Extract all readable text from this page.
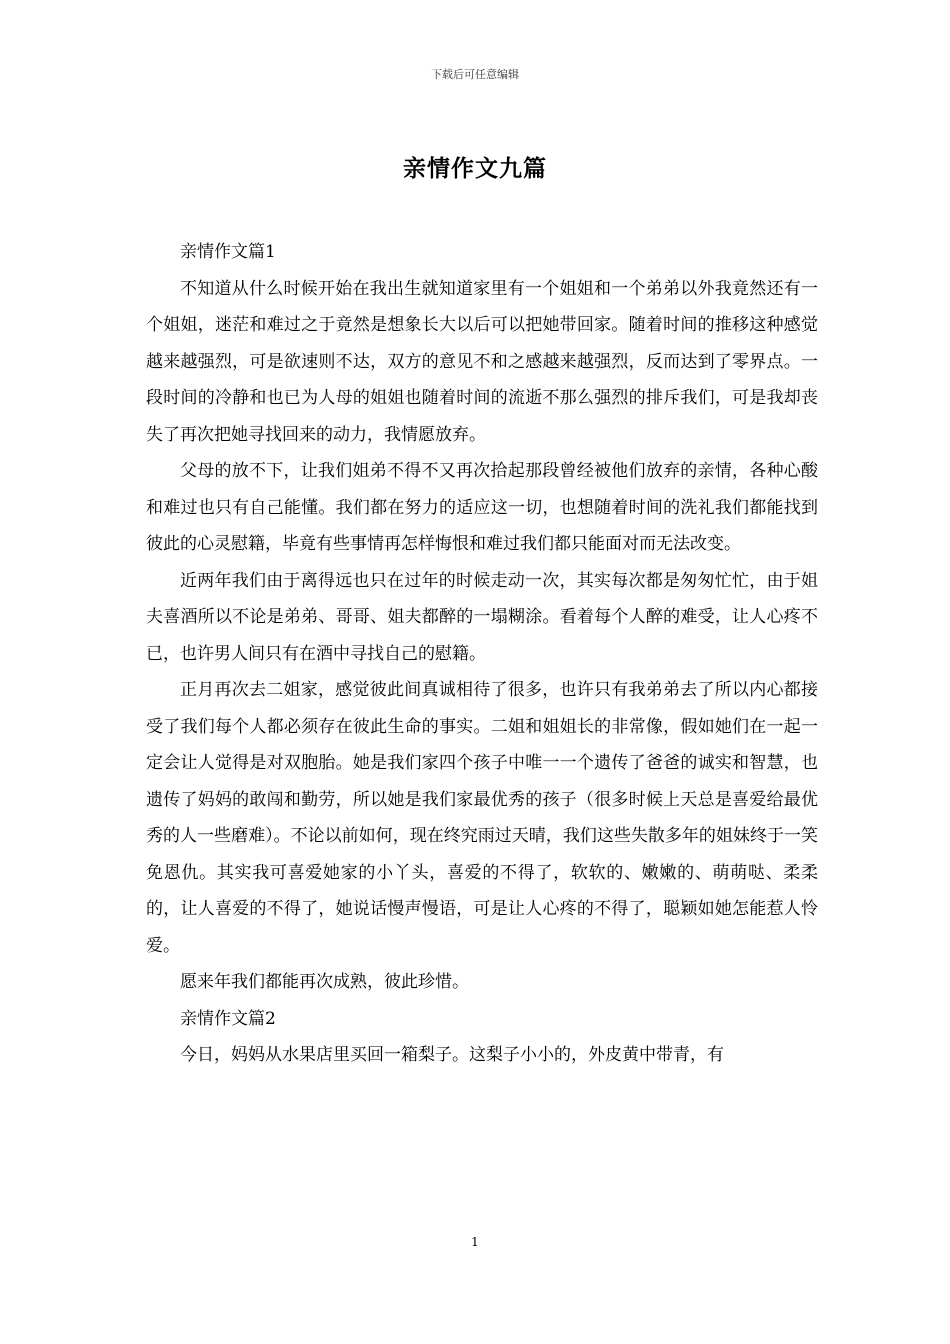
下载后可任意编辑
亲情作文九篇

亲情作文篇1

不知道从什么时候开始在我出生就知道家里有一个姐姐和一个弟弟以外我竟然还有一个姐姐，迷茫和难过之于竟然是想象长大以后可以把她带回家。随着时间的推移这种感觉越来越强烈，可是欲速则不达，双方的意见不和之感越来越强烈，反而达到了零界点。一段时间的冷静和也已为人母的姐姐也随着时间的流逝不那么强烈的排斥我们，可是我却丧失了再次把她寻找回来的动力，我情愿放弃。

父母的放不下，让我们姐弟不得不又再次拾起那段曾经被他们放弃的亲情，各种心酸和难过也只有自己能懂。我们都在努力的适应这一切，也想随着时间的洗礼我们都能找到彼此的心灵慰籍，毕竟有些事情再怎样悔恨和难过我们都只能面对而无法改变。

近两年我们由于离得远也只在过年的时候走动一次，其实每次都是匆匆忙忙，由于姐夫喜酒所以不论是弟弟、哥哥、姐夫都醉的一塌糊涂。看着每个人醉的难受，让人心疼不已，也许男人间只有在酒中寻找自己的慰籍。

正月再次去二姐家，感觉彼此间真诚相待了很多，也许只有我弟弟去了所以内心都接受了我们每个人都必须存在彼此生命的事实。二姐和姐姐长的非常像，假如她们在一起一定会让人觉得是对双胞胎。她是我们家四个孩子中唯一一个遗传了爸爸的诚实和智慧，也遗传了妈妈的敢闯和勤劳，所以她是我们家最优秀的孩子（很多时候上天总是喜爱给最优秀的人一些磨难）。不论以前如何，现在终究雨过天晴，我们这些失散多年的姐妹终于一笑免恩仇。其实我可喜爱她家的小丫头，喜爱的不得了，软软的、嫩嫩的、萌萌哒、柔柔的，让人喜爱的不得了，她说话慢声慢语，可是让人心疼的不得了，聪颖如她怎能惹人怜爱。

愿来年我们都能再次成熟，彼此珍惜。

亲情作文篇2

今日，妈妈从水果店里买回一箱梨子。这梨子小小的，外皮黄中带青，有

1
